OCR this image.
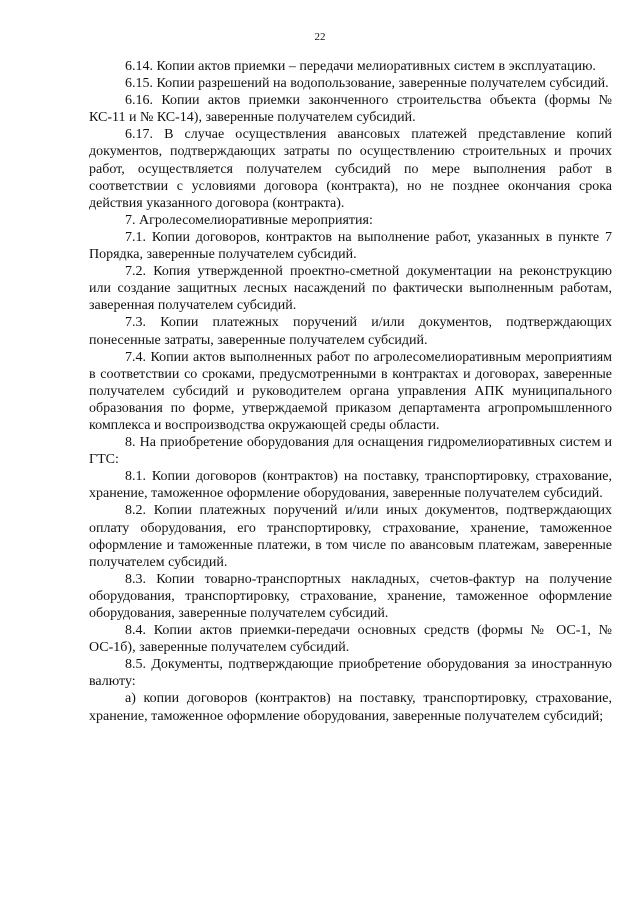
22

6.14. Копии актов приемки – передачи мелиоративных систем в эксплуатацию.

6.15. Копии разрешений на водопользование, заверенные получателем субсидий.

6.16. Копии актов приемки законченного строительства объекта (формы № КС-11 и № КС-14), заверенные получателем субсидий.

6.17. В случае осуществления авансовых платежей представление копий документов, подтверждающих затраты по осуществлению строительных и прочих работ, осуществляется получателем субсидий по мере выполнения работ в соответствии с условиями договора (контракта), но не позднее окончания срока действия указанного договора (контракта).

7. Агролесомелиоративные мероприятия:

7.1. Копии договоров, контрактов на выполнение работ, указанных в пункте 7 Порядка, заверенные получателем субсидий.

7.2. Копия утвержденной проектно-сметной документации на реконструкцию или создание защитных лесных насаждений по фактически выполненным работам, заверенная получателем субсидий.

7.3. Копии платежных поручений и/или документов, подтверждающих понесенные затраты, заверенные получателем субсидий.

7.4. Копии актов выполненных работ по агролесомелиоративным мероприятиям в соответствии со сроками, предусмотренными в контрактах и договорах, заверенные получателем субсидий и руководителем органа управления АПК муниципального образования по форме, утверждаемой приказом департамента агропромышленного комплекса и воспроизводства окружающей среды области.

8. На приобретение оборудования для оснащения гидромелиоративных систем и ГТС:

8.1. Копии договоров (контрактов) на поставку, транспортировку, страхование, хранение, таможенное оформление оборудования, заверенные получателем субсидий.

8.2. Копии платежных поручений и/или иных документов, подтверждающих оплату оборудования, его транспортировку, страхование, хранение, таможенное оформление и таможенные платежи, в том числе по авансовым платежам, заверенные получателем субсидий.

8.3. Копии товарно-транспортных накладных, счетов-фактур на получение оборудования, транспортировку, страхование, хранение, таможенное оформление оборудования, заверенные получателем субсидий.

8.4. Копии актов приемки-передачи основных средств (формы № ОС-1, № ОС-1б), заверенные получателем субсидий.

8.5. Документы, подтверждающие приобретение оборудования за иностранную валюту:

а) копии договоров (контрактов) на поставку, транспортировку, страхование, хранение, таможенное оформление оборудования, заверенные получателем субсидий;
